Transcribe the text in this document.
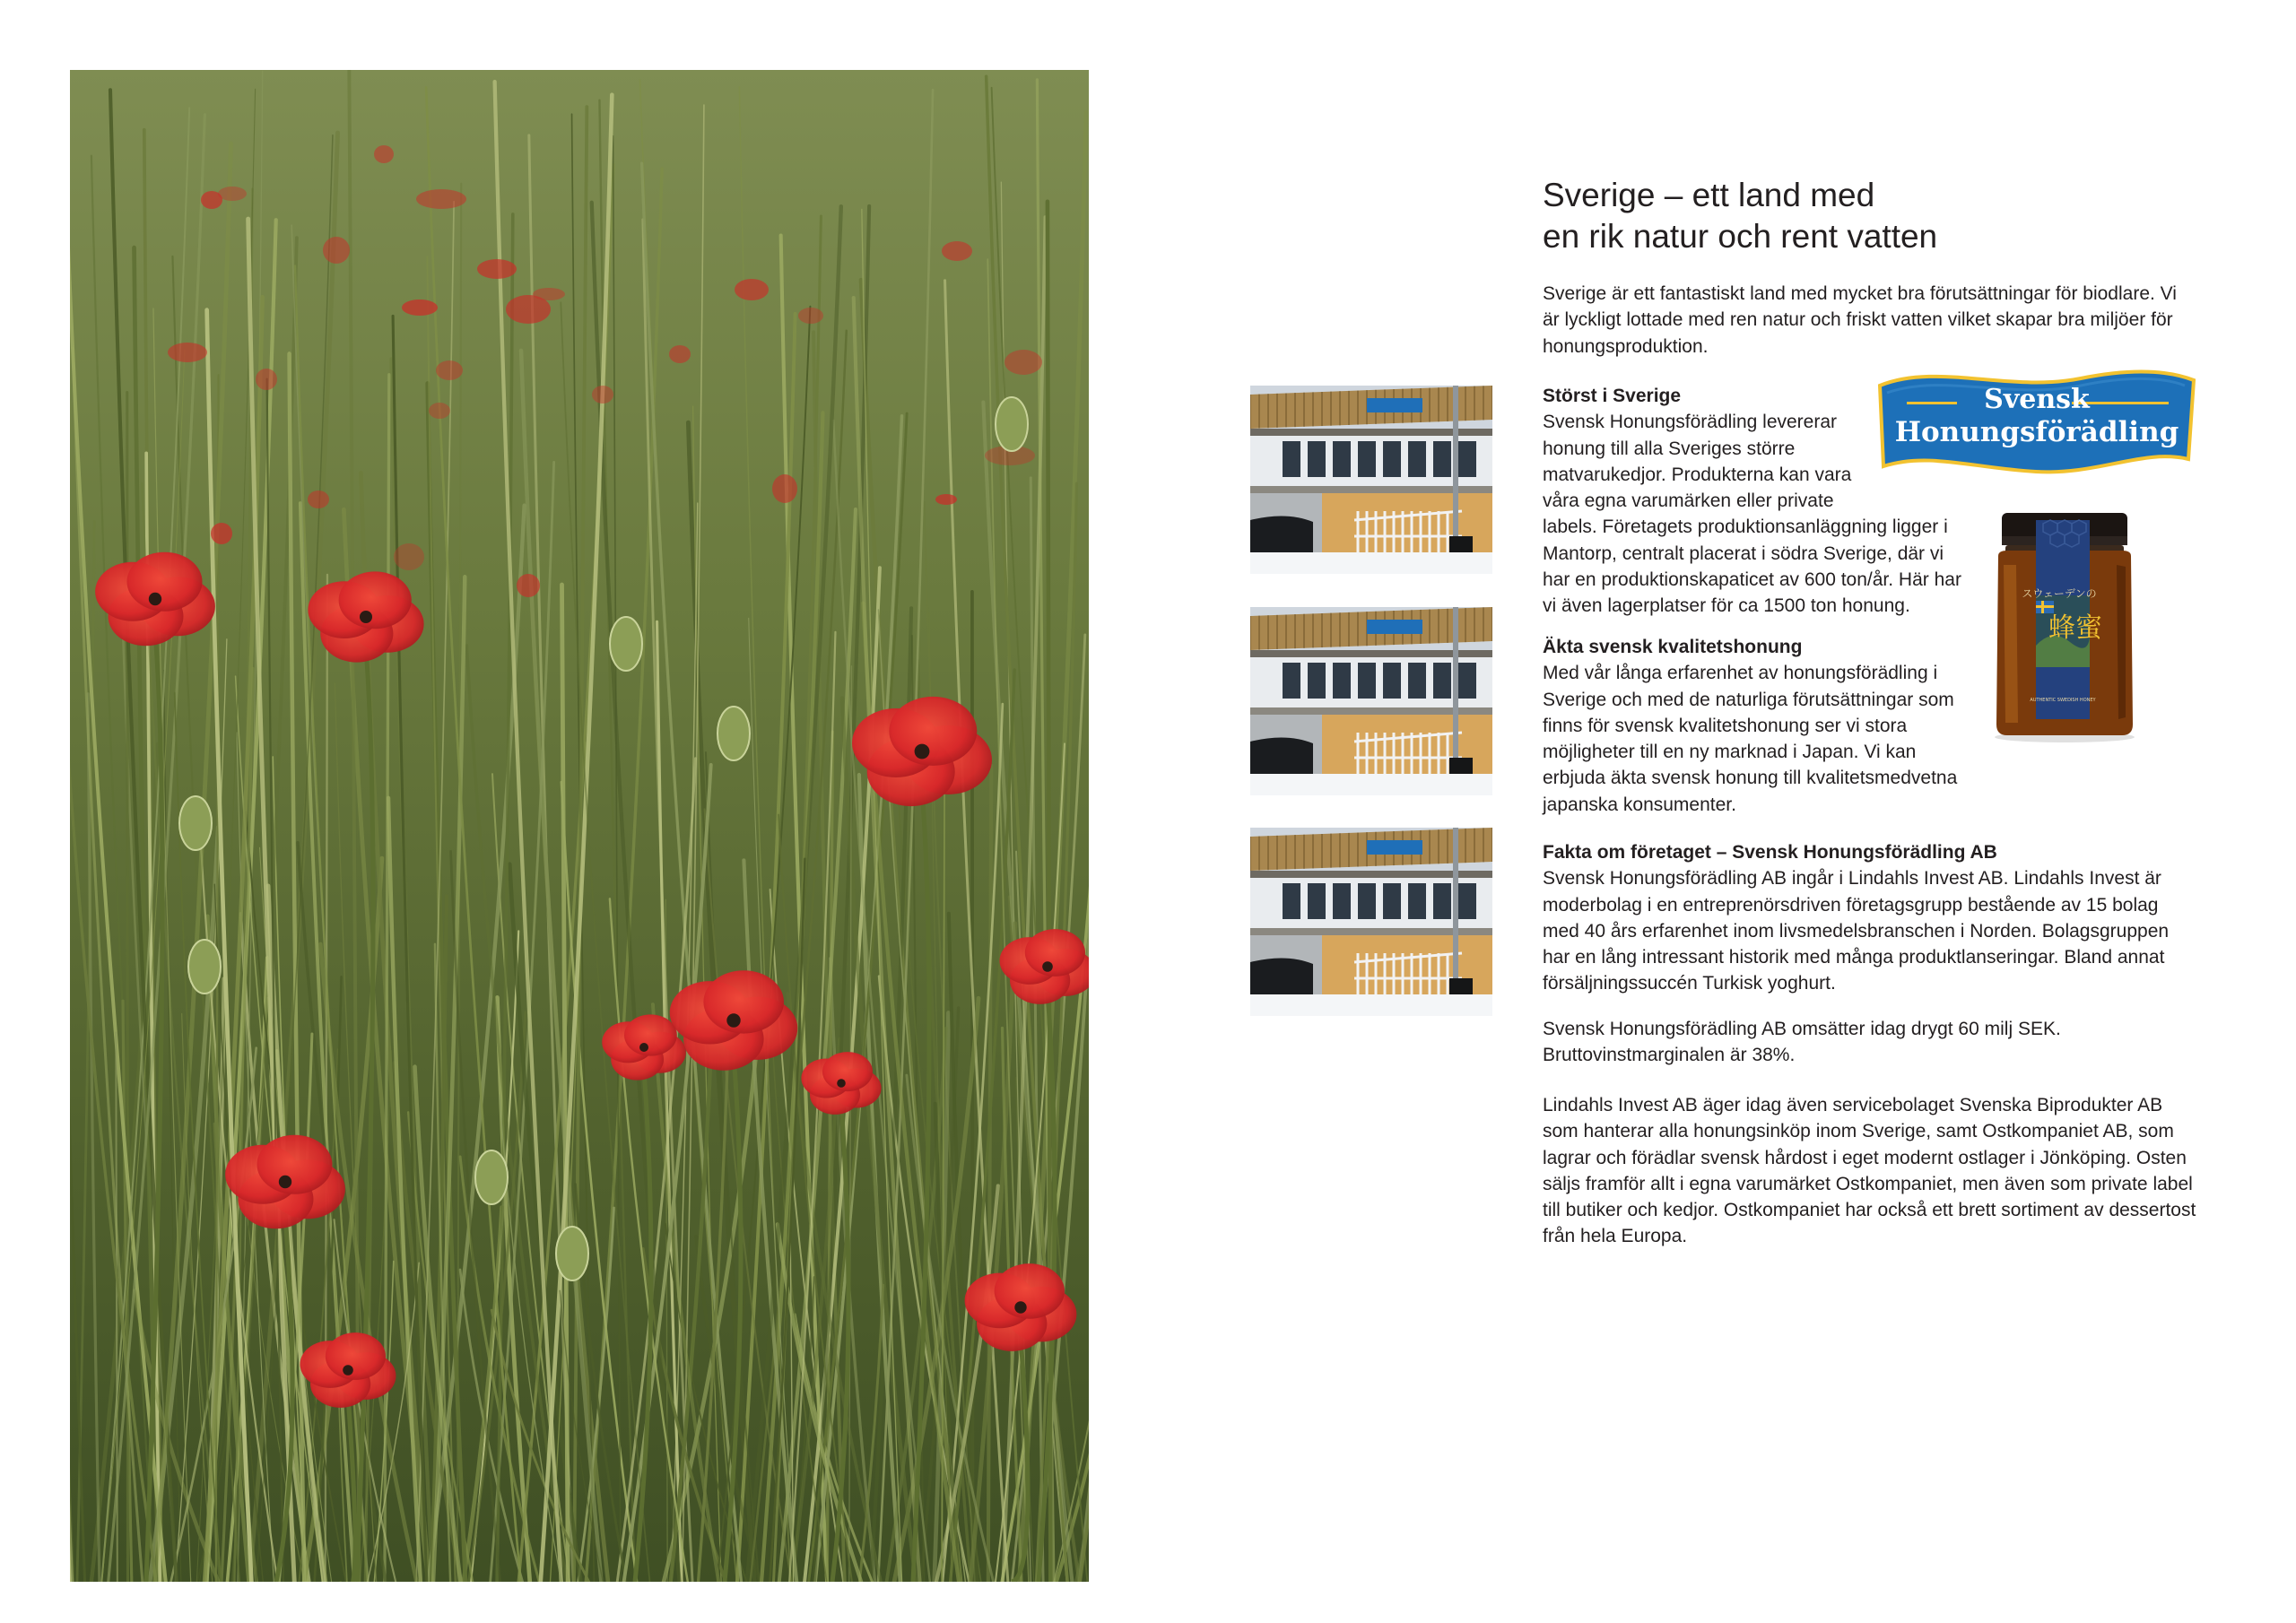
Sverige – ett land med
en rik natur och rent vatten

Sverige är ett fantastiskt land med mycket bra förutsättningar för biodlare. Vi är lyckligt lottade med ren natur och friskt vatten vilket skapar bra miljöer för honungsproduktion.

Störst i Sverige

Svensk Honungsförädling levererar honung till alla Sveriges större matvarukedjor. Produkterna kan vara våra egna varumärken eller private

labels. Företagets produktionsanläggning ligger i Mantorp, centralt placerat i södra Sverige, där vi har en produktionskapaticet av 600 ton/år. Här har vi även lagerplatser för ca 1500 ton honung.

Äkta svensk kvalitetshonung

Med vår långa erfarenhet av honungsförädling i Sverige och med de naturliga förutsättningar som finns för svensk kvalitetshonung ser vi stora möjligheter till en ny marknad i Japan. Vi kan erbjuda äkta svensk honung till kvalitetsmedvetna japanska konsumenter.

Fakta om företaget – Svensk Honungsförädling AB

Svensk Honungsförädling AB ingår i Lindahls Invest AB. Lindahls Invest är moderbolag i en entreprenörsdriven företagsgrupp bestående av 15 bolag med 40 års erfarenhet inom livsmedelsbranschen i Norden. Bolagsgruppen har en lång intressant historik med många produktlanseringar. Bland annat försäljningssuccén Turkisk yoghurt.

Svensk Honungsförädling AB omsätter idag drygt 60 milj SEK. Bruttovinstmarginalen är 38%.

Lindahls Invest AB äger idag även servicebolaget Svenska Biprodukter AB som hanterar alla honungsinköp inom Sverige, samt Ostkompaniet AB, som lagrar och förädlar svensk hårdost i eget modernt ostlager i Jönköping. Osten säljs framför allt i egna varumärket Ostkompaniet, men även som private label till butiker och kedjor. Ostkompaniet har också ett brett sortiment av dessertost från hela Europa.

Svensk
Honungsförädling
蜂蜜
スウェーデンの
AUTHENTIC SWEDISH HONEY
